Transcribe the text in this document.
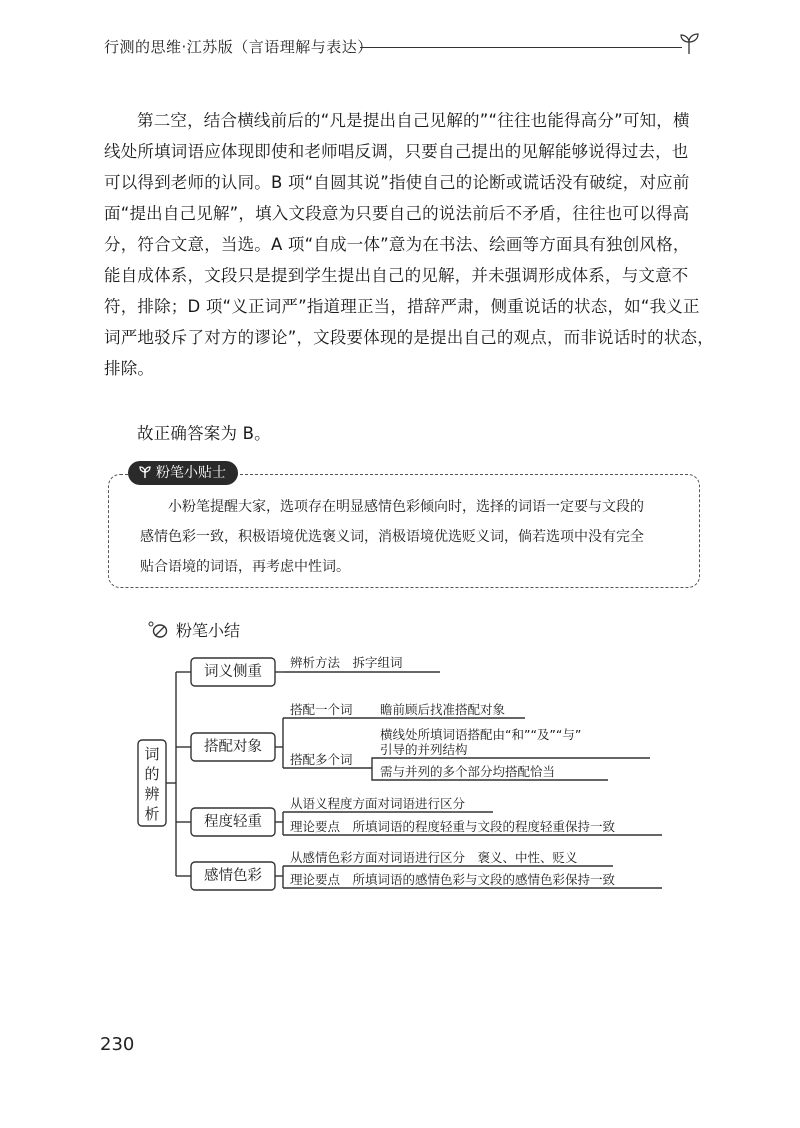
行测的思维·江苏版（言语理解与表达）
第二空，结合横线前后的“凡是提出自己见解的”“往往也能得高分”可知，横
线处所填词语应体现即使和老师唱反调，只要自己提出的见解能够说得过去，也
可以得到老师的认同。B 项“自圆其说”指使自己的论断或谎话没有破绽，对应前
面“提出自己见解”，填入文段意为只要自己的说法前后不矛盾，往往也可以得高
分，符合文意，当选。A 项“自成一体”意为在书法、绘画等方面具有独创风格，
能自成体系，文段只是提到学生提出自己的见解，并未强调形成体系，与文意不
符，排除；D 项“义正词严”指道理正当，措辞严肃，侧重说话的状态，如“我义正
词严地驳斥了对方的谬论”，文段要体现的是提出自己的观点，而非说话时的状态，
排除。
故正确答案为 B。
粉笔小贴士
小粉笔提醒大家，选项存在明显感情色彩倾向时，选择的词语一定要与文段的
感情色彩一致，积极语境优选褒义词，消极语境优选贬义词，倘若选项中没有完全
贴合语境的词语，再考虑中性词。
粉笔小结
词的辨析
词义侧重
搭配对象
程度轻重
感情色彩
辨析方法　拆字组词
搭配一个词 瞻前顾后找准搭配对象
搭配多个词
横线处所填词语搭配由“和”“及”“与”
引导的并列结构
需与并列的多个部分均搭配恰当
从语义程度方面对词语进行区分
理论要点　所填词语的程度轻重与文段的程度轻重保持一致
从感情色彩方面对词语进行区分　褒义、中性、贬义
理论要点　所填词语的感情色彩与文段的感情色彩保持一致
230
